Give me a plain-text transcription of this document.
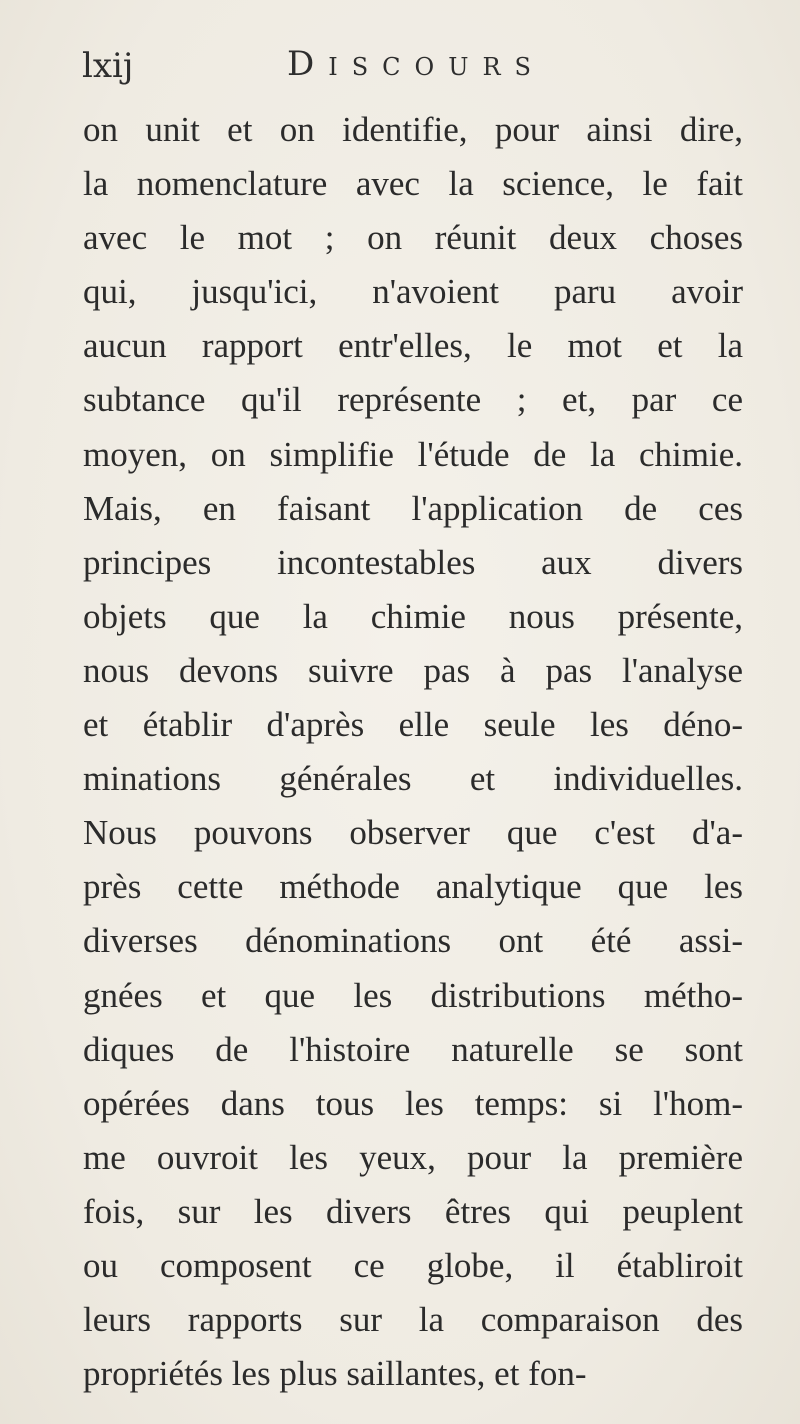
lxij	Discours
on unit et on identifie, pour ainsi dire,
la nomenclature avec la science, le fait
avec le mot ; on réunit deux choses
qui, jusqu'ici, n'avoient paru avoir
aucun rapport entr'elles, le mot et la
subtance qu'il représente ; et, par ce
moyen, on simplifie l'étude de la chimie.
Mais, en faisant l'application de ces
principes incontestables aux divers
objets que la chimie nous présente,
nous devons suivre pas à pas l'analyse
et établir d'après elle seule les déno-
minations générales et individuelles.
Nous pouvons observer que c'est d'a-
près cette méthode analytique que les
diverses dénominations ont été assi-
gnées et que les distributions métho-
diques de l'histoire naturelle se sont
opérées dans tous les temps: si l'hom-
me ouvroit les yeux, pour la première
fois, sur les divers êtres qui peuplent
ou composent ce globe, il établiroit
leurs rapports sur la comparaison des
propriétés les plus saillantes, et fon-
